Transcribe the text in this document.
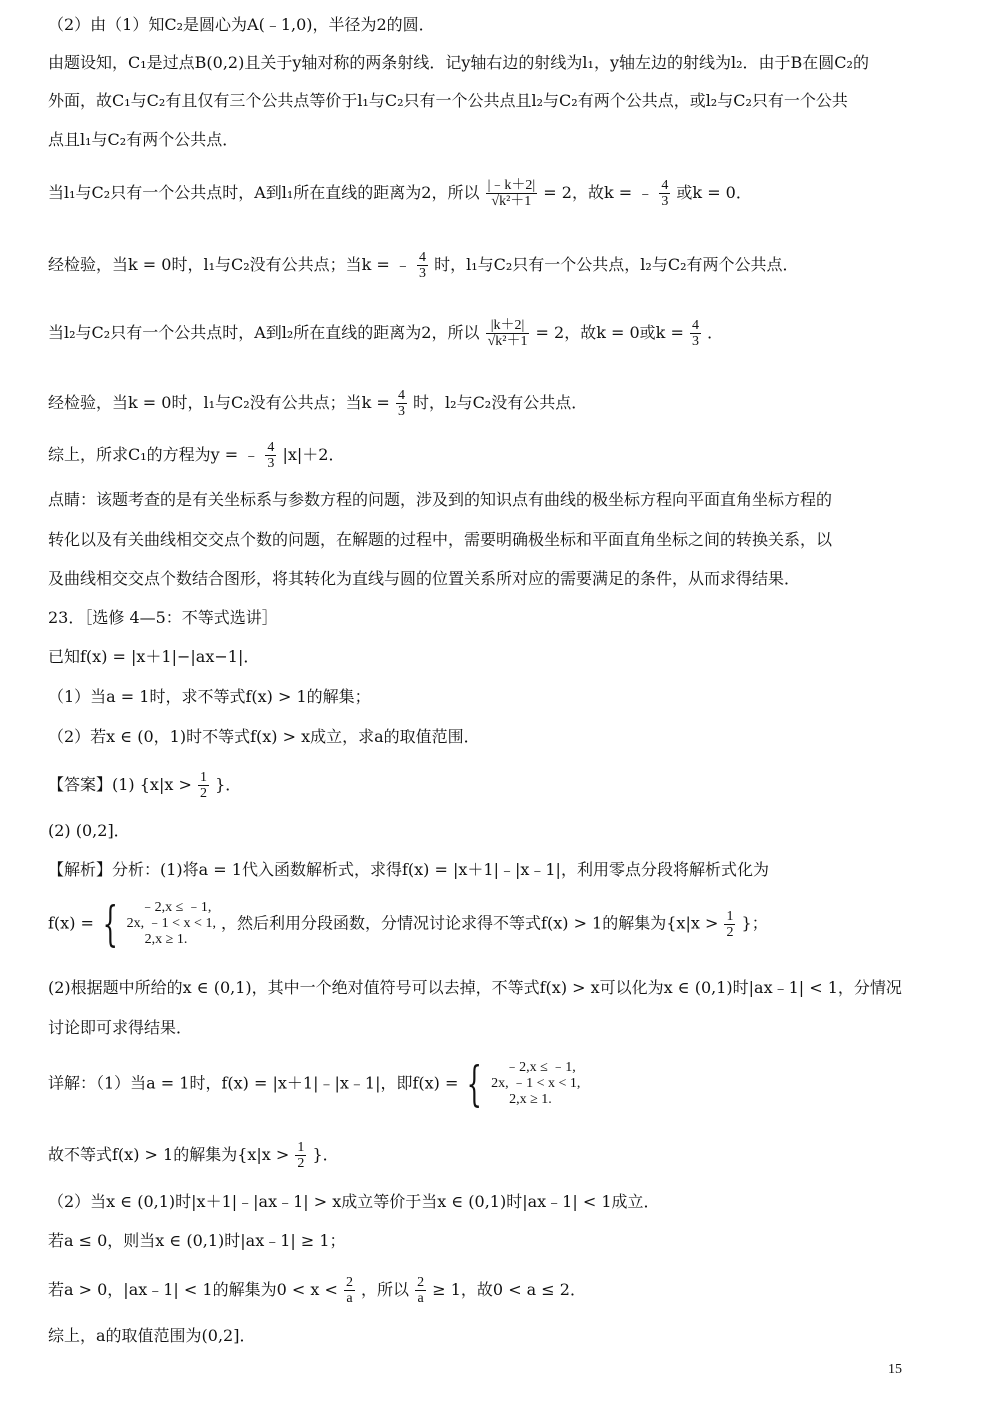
（2）由（1）知C₂是圆心为A(﹣1,0)，半径为2的圆．
由题设知，C₁是过点B(0,2)且关于y轴对称的两条射线．记y轴右边的射线为l₁，y轴左边的射线为l₂．由于B在圆C₂的
外面，故C₁与C₂有且仅有三个公共点等价于l₁与C₂只有一个公共点且l₂与C₂有两个公共点，或l₂与C₂只有一个公共
点且l₁与C₂有两个公共点．
当l₁与C₂只有一个公共点时，A到l₁所在直线的距离为2，所以 $\frac{|﹣k+2|}{\text{√k²＋1}} = 2$，故k = ﹣ $\frac{4}{3}$ 或k = 0．
经检验，当k = 0时，l₁与C₂没有公共点；当k = ﹣ $\frac{4}{3}$ 时，l₁与C₂只有一个公共点，l₂与C₂有两个公共点．
当l₂与C₂只有一个公共点时，A到l₂所在直线的距离为2，所以 $\frac{|k+2|}{\text{√k²＋1}} = 2$，故k = 0或$k = \frac{4}{3}$ ．
经检验，当k = 0时，l₁与C₂没有公共点；当$k = \frac{4}{3}$ 时，l₂与C₂没有公共点．
综上，所求C₁的方程为y = ﹣ $\frac{4}{3} |x|+2$．
点睛：该题考查的是有关坐标系与参数方程的问题，涉及到的知识点有曲线的极坐标方程向平面直角坐标方程的
转化以及有关曲线相交交点个数的问题，在解题的过程中，需要明确极坐标和平面直角坐标之间的转换关系，以
及曲线相交交点个数结合图形，将其转化为直线与圆的位置关系所对应的需要满足的条件，从而求得结果．
23．［选修 4—5：不等式选讲］
已知f(x) = |x＋1|−|ax−1|．
（1）当a = 1时，求不等式f(x) > 1的解集；
（2）若x ∈ (0，1)时不等式f(x) > x成立，求a的取值范围．
【答案】(1) {$x|x > \frac{1}{2}$ }．
(2) (0,2]．
【解析】分析：(1)将a = 1代入函数解析式，求得f(x) = |x＋1|﹣|x﹣1|，利用零点分段将解析式化为
f(x) = {	﹣2,x ≤ ﹣1,
2x, ﹣1 < x < 1,
2,x ≥ 1.
，然后利用分段函数，分情况讨论求得不等式f(x) > 1的解集为{$x|x > \frac{1}{2}$ }；
(2)根据题中所给的x ∈ (0,1)，其中一个绝对值符号可以去掉，不等式f(x) > x可以化为x ∈ (0,1)时|ax﹣1| < 1，分情况
讨论即可求得结果．
详解：（1）当a = 1时，f(x) = |x＋1|﹣|x﹣1|，即f(x) = {	﹣2,x ≤ ﹣1,
2x, ﹣1 < x < 1,
2,x ≥ 1.
故不等式f(x) > 1的解集为{$x|x > \frac{1}{2}$ }．
（2）当x ∈ (0,1)时|x＋1|﹣|ax﹣1| > x成立等价于当x ∈ (0,1)时|ax﹣1| < 1成立．
若a ≤ 0，则当x ∈ (0,1)时|ax﹣1| ≥ 1；
若a > 0，|ax﹣1| < 1的解集为$0 < x < \frac{2}{a}$ ，所以 $\frac{2}{a} \ge 1$，故0 < a ≤ 2．
综上，a的取值范围为(0,2]．
15
